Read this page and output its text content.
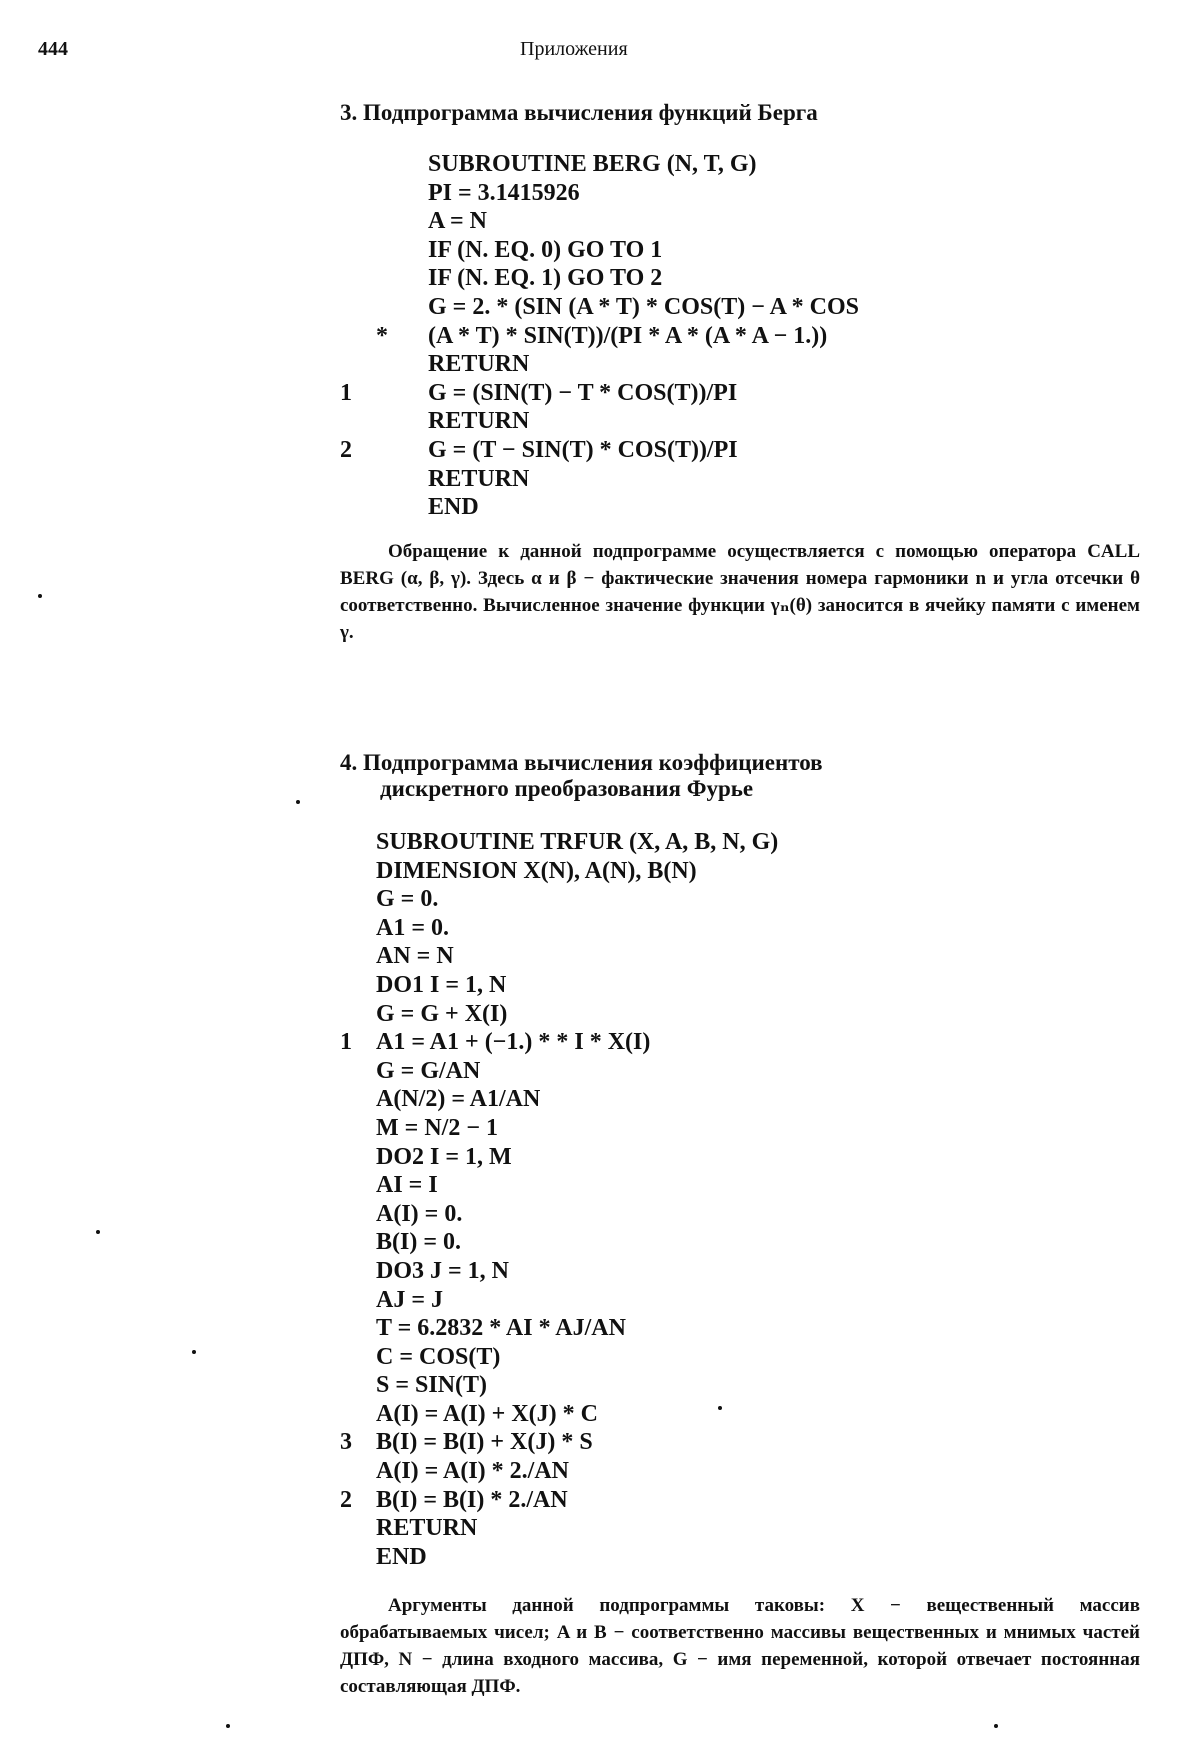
444	Приложения
3. Подпрограмма вычисления функций Берга
SUBROUTINE BERG (N, T, G)
PI = 3.1415926
A = N
IF (N. EQ. 0) GO TO 1
IF (N. EQ. 1) GO TO 2
G = 2. * (SIN (A * T) * COS(T) − A * COS
*	(A * T) * SIN(T))/(PI * A * (A * A − 1.))
RETURN
1	G = (SIN(T) − T * COS(T))/PI
RETURN
2	G = (T − SIN(T) * COS(T))/PI
RETURN
END
Обращение к данной подпрограмме осуществляется с помощью оператора CALL BERG (α, β, γ). Здесь α и β − фактические значения номера гармоники n и угла отсечки θ соответственно. Вычисленное значение функции γₙ(θ) заносится в ячейку памяти с именем γ.
4. Подпрограмма вычисления коэффициентов
дискретного преобразования Фурье
SUBROUTINE TRFUR (X, A, B, N, G)
DIMENSION X(N), A(N), B(N)
G = 0.
A1 = 0.
AN = N
DO1 I = 1, N
G = G + X(I)
1	A1 = A1 + (−1.) * * I * X(I)
G = G/AN
A(N/2) = A1/AN
M = N/2 − 1
DO2 I = 1, M
AI = I
A(I) = 0.
B(I) = 0.
DO3 J = 1, N
AJ = J
T = 6.2832 * AI * AJ/AN
C = COS(T)
S = SIN(T)
A(I) = A(I) + X(J) * C
3	B(I) = B(I) + X(J) * S
A(I) = A(I) * 2./AN
2	B(I) = B(I) * 2./AN
RETURN
END
Аргументы данной подпрограммы таковы: X − вещественный массив обрабатываемых чисел; A и B − соответственно массивы вещественных и мнимых частей ДПФ, N − длина входного массива, G − имя переменной, которой отвечает постоянная составляющая ДПФ.
